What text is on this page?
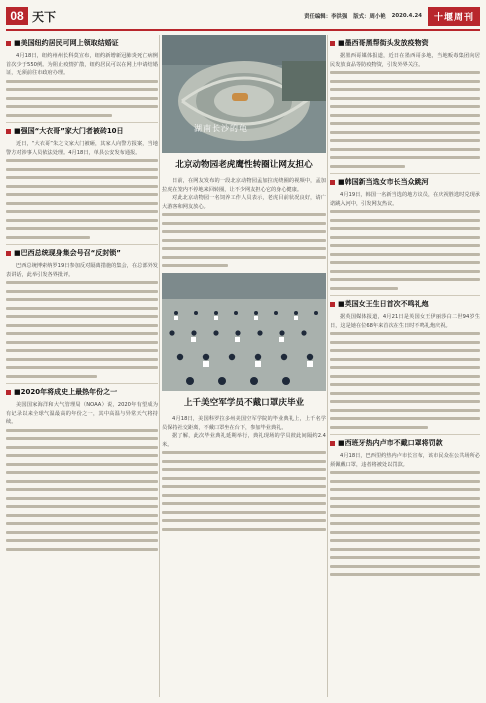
08 天下	责任编辑：李洪强 版式：周小艳 2020.4.24	十堰周刊
■美国纽约居民可网上领取结婚证

4月18日，纽约州州长科莫宣布，纽约新增新冠肺炎死亡病例首次少于550例。为阻止疫情扩散，纽约居民可以在网上申请结婚证，无须前往市政府办理。

■强国“大衣哥”家大门者被砖10日

近日，“大衣哥”朱之文家大门被砸，其家人向警方报案，当地警方对涉事人员依法处理。4月18日，单县公安发布通报。

■巴西总统现身集会号召“反封锁”

巴西总统博索纳罗19日参加反对隔离措施的集会，在总部外发表讲话，此举引发各界批评。

■2020年将成史上最热年份之一

美国国家海洋和大气管理局（NOAA）说，2020年有望成为有记录以来全球气温最高的年份之一，其中高温与异常天气将持续。

湖南长沙的龟
北京动物园老虎鹰性转圈让网友担心

日前，在网友发布的一段北京动物园孟加拉虎绕圈的视频中，孟加拉虎在笼内不停地来回转圈，让不少网友担心它的身心健康。

对此北京动物园一名饲养工作人员表示，老虎目前状况良好，请广大游客和网友放心。

上千美空军学员不戴口罩庆毕业

4月18日，美国科罗拉多州美国空军学院的毕业典礼上，上千名学员保持社交距离，不戴口罩坐在台下，参加毕业典礼。

据了解，此次毕业典礼延期举行，典礼现场的学员彼此间隔约2.4米。

■墨西哥黑帮街头发放疫物资

据墨西哥媒体报道，近日在墨西哥多地，当地贩毒集团向居民发放食品等防疫物资，引发外界关注。

■韩国新当选女市长当众跳河

4月19日，韩国一名新当选的地方议员，在庆祝胜选时兑现承诺跳入河中，引发网友热议。

■英国女王生日首次不鸣礼炮

据英国媒体报道，4月21日是英国女王伊丽莎白二世94岁生日，这是她在位68年来首次在生日时不鸣礼炮庆祝。

■西班牙热内卢市不戴口罩将罚款

4月18日，巴西里约热内卢市长宣布，该市民众在公共场所必须佩戴口罩，违者将被处以罚款。
